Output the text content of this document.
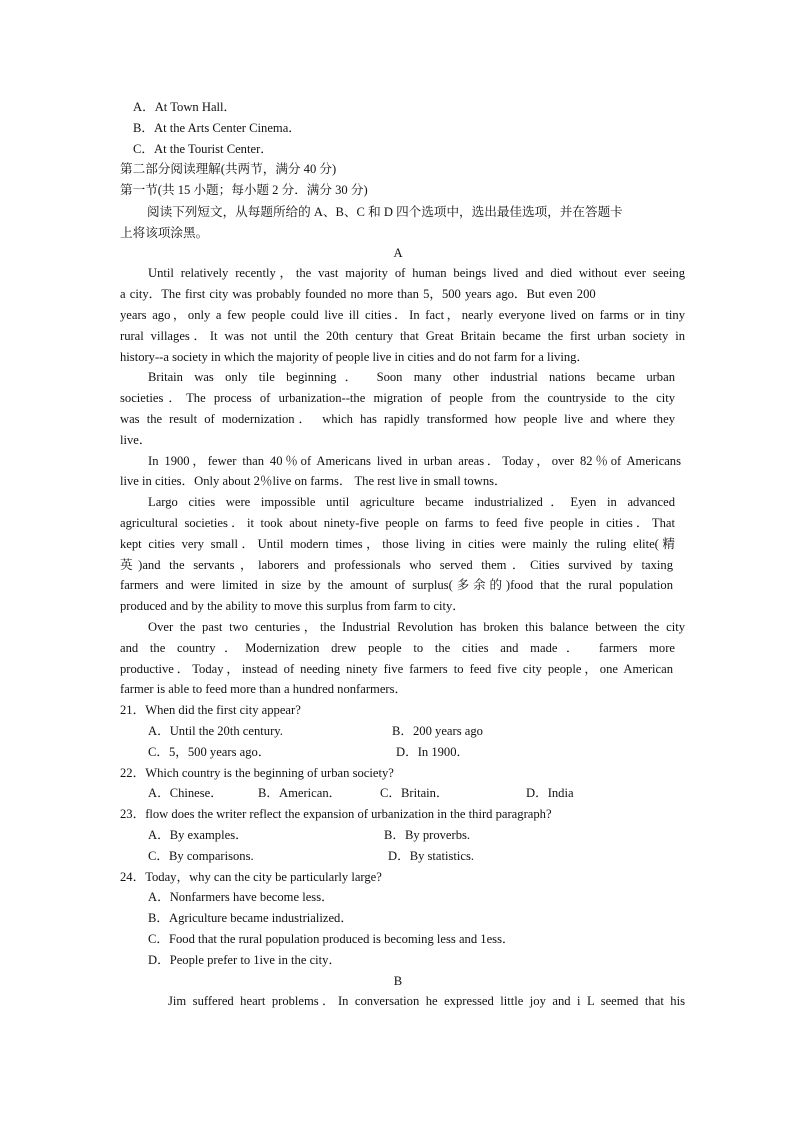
A．At Town Hall．
B．At the Arts Center Cinema．
C．At the Tourist Center．
第二部分阅读理解(共两节，满分 40 分)
第一节(共 15 小题；每小题 2 分．满分 30 分)
阅读下列短文，从每题所给的 A、B、C 和 D 四个选项中，选出最佳选项，并在答题卡
上将该项涂黑。
A
Until relatively recently，the vast majority of human beings lived and died without ever seeing
a city．The first city was probably founded no more than 5，500 years ago．But even 200
years ago，only a few people could live ill cities．In fact，nearly everyone lived on farms or in tiny
rural villages．It was not until the 20th century that Great Britain became the first urban society in
history--a society in which the majority of people live in cities and do not farm for a living．
Britain was only tile beginning． Soon many other industrial nations became urban
societies．The process of urbanization--the migration of people from the countryside to the city
was the result of modernization． which has rapidly transformed how people live and where they
live．
In 1900，fewer than 40％of Americans lived in urban areas．Today，over 82％of Americans
live in cities．Only about 2％live on farms． The rest live in small towns．
Largo cities were impossible until agriculture became industrialized．Eyen in advanced
agricultural societies．it took about ninety-five people on farms to feed five people in cities．That
kept cities very small．Until modern times，those living in cities were mainly the ruling elite(精
英)and the servants，laborers and professionals who served them．Cities survived by taxing
farmers and were limited in size by the amount of surplus(多余的)food that the rural population
produced and by the ability to move this surplus from farm to city．
Over the past two centuries，the Industrial Revolution has broken this balance between the city
and the country．Modernization drew people to the cities and made． farmers more
productive．Today，instead of needing ninety five farmers to feed five city people，one American
farmer is able to feed more than a hundred nonfarmers．
21．When did the first city appear?
A．Until the 20th century.	B．200 years ago
C．5，500 years ago．	D．In 1900．
22．Which country is the beginning of urban society?
A．Chinese．	B．American．	C．Britain．	D．India
23．flow does the writer reflect the expansion of urbanization in the third paragraph?
A．By examples．	B．By proverbs.
C．By comparisons.	D．By statistics.
24．Today，why can the city be particularly large?
A．Nonfarmers have become less．
B．Agriculture became industrialized．
C．Food that the rural population produced is becoming less and 1ess．
D．People prefer to 1ive in the city．
B
Jim suffered heart problems．In conversation he expressed little joy and i L seemed that his
